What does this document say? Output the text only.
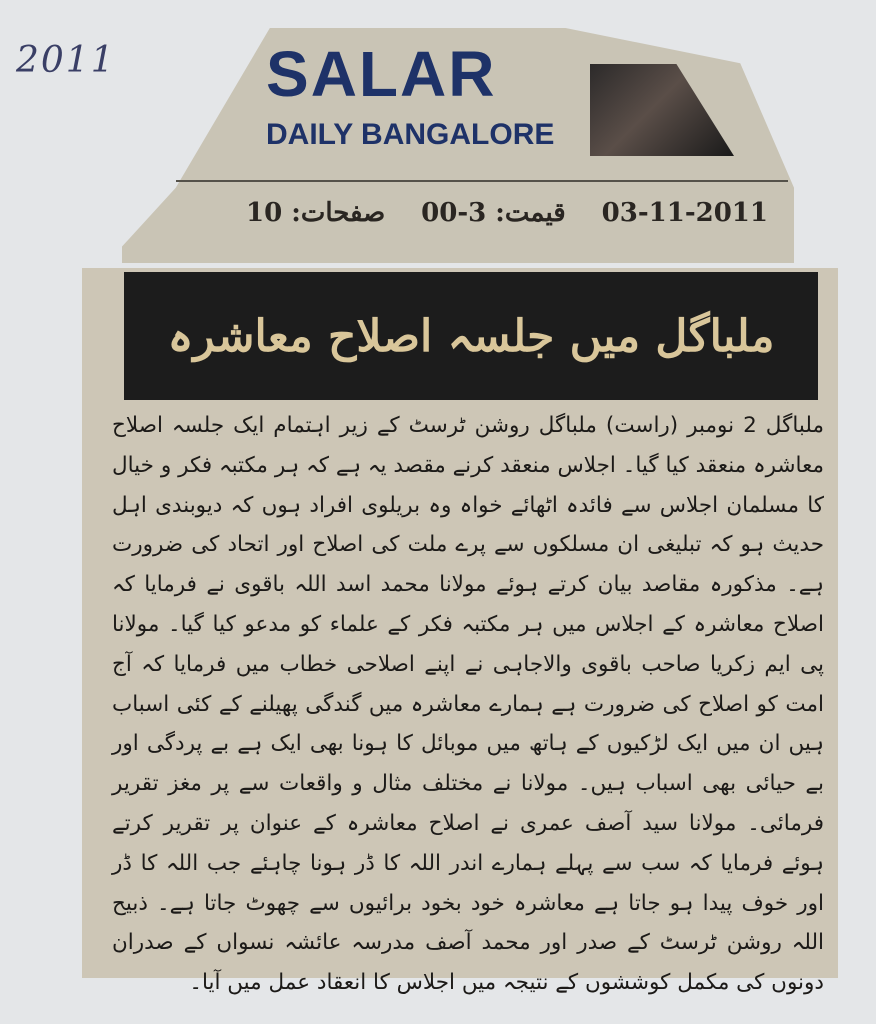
2011 SALAR
DAILY BANGALORE
صفحات: 10 قیمت: 3-00 03-11-2011
ملباگل میں جلسہ اصلاح معاشرہ
ملباگل 2 نومبر (راست) ملباگل روشن ٹرسٹ کے زیر اہتمام ایک جلسہ اصلاح معاشرہ منعقد کیا گیا۔ اجلاس منعقد کرنے مقصد یہ ہے کہ ہر مکتبہ فکر و خیال کا مسلمان اجلاس سے فائدہ اٹھائے خواہ وہ بریلوی افراد ہوں کہ دیوبندی اہل حدیث ہو کہ تبلیغی ان مسلکوں سے پرے ملت کی اصلاح اور اتحاد کی ضرورت ہے۔ مذکورہ مقاصد بیان کرتے ہوئے مولانا محمد اسد اللہ باقوی نے فرمایا کہ اصلاح معاشرہ کے اجلاس میں ہر مکتبہ فکر کے علماء کو مدعو کیا گیا۔ مولانا پی ایم زکریا صاحب باقوی والاجاہی نے اپنے اصلاحی خطاب میں فرمایا کہ آج امت کو اصلاح کی ضرورت ہے ہمارے معاشرہ میں گندگی پھیلنے کے کئی اسباب ہیں ان میں ایک لڑکیوں کے ہاتھ میں موبائل کا ہونا بھی ایک ہے بے پردگی اور بے حیائی بھی اسباب ہیں۔ مولانا نے مختلف مثال و واقعات سے پر مغز تقریر فرمائی۔ مولانا سید آصف عمری نے اصلاح معاشرہ کے عنوان پر تقریر کرتے ہوئے فرمایا کہ سب سے پہلے ہمارے اندر اللہ کا ڈر ہونا چاہئے جب اللہ کا ڈر اور خوف پیدا ہو جاتا ہے معاشرہ خود بخود برائیوں سے چھوٹ جاتا ہے۔ ذبیح اللہ روشن ٹرسٹ کے صدر اور محمد آصف مدرسہ عائشہ نسواں کے صدران دونوں کی مکمل کوششوں کے نتیجہ میں اجلاس کا انعقاد عمل میں آیا۔
